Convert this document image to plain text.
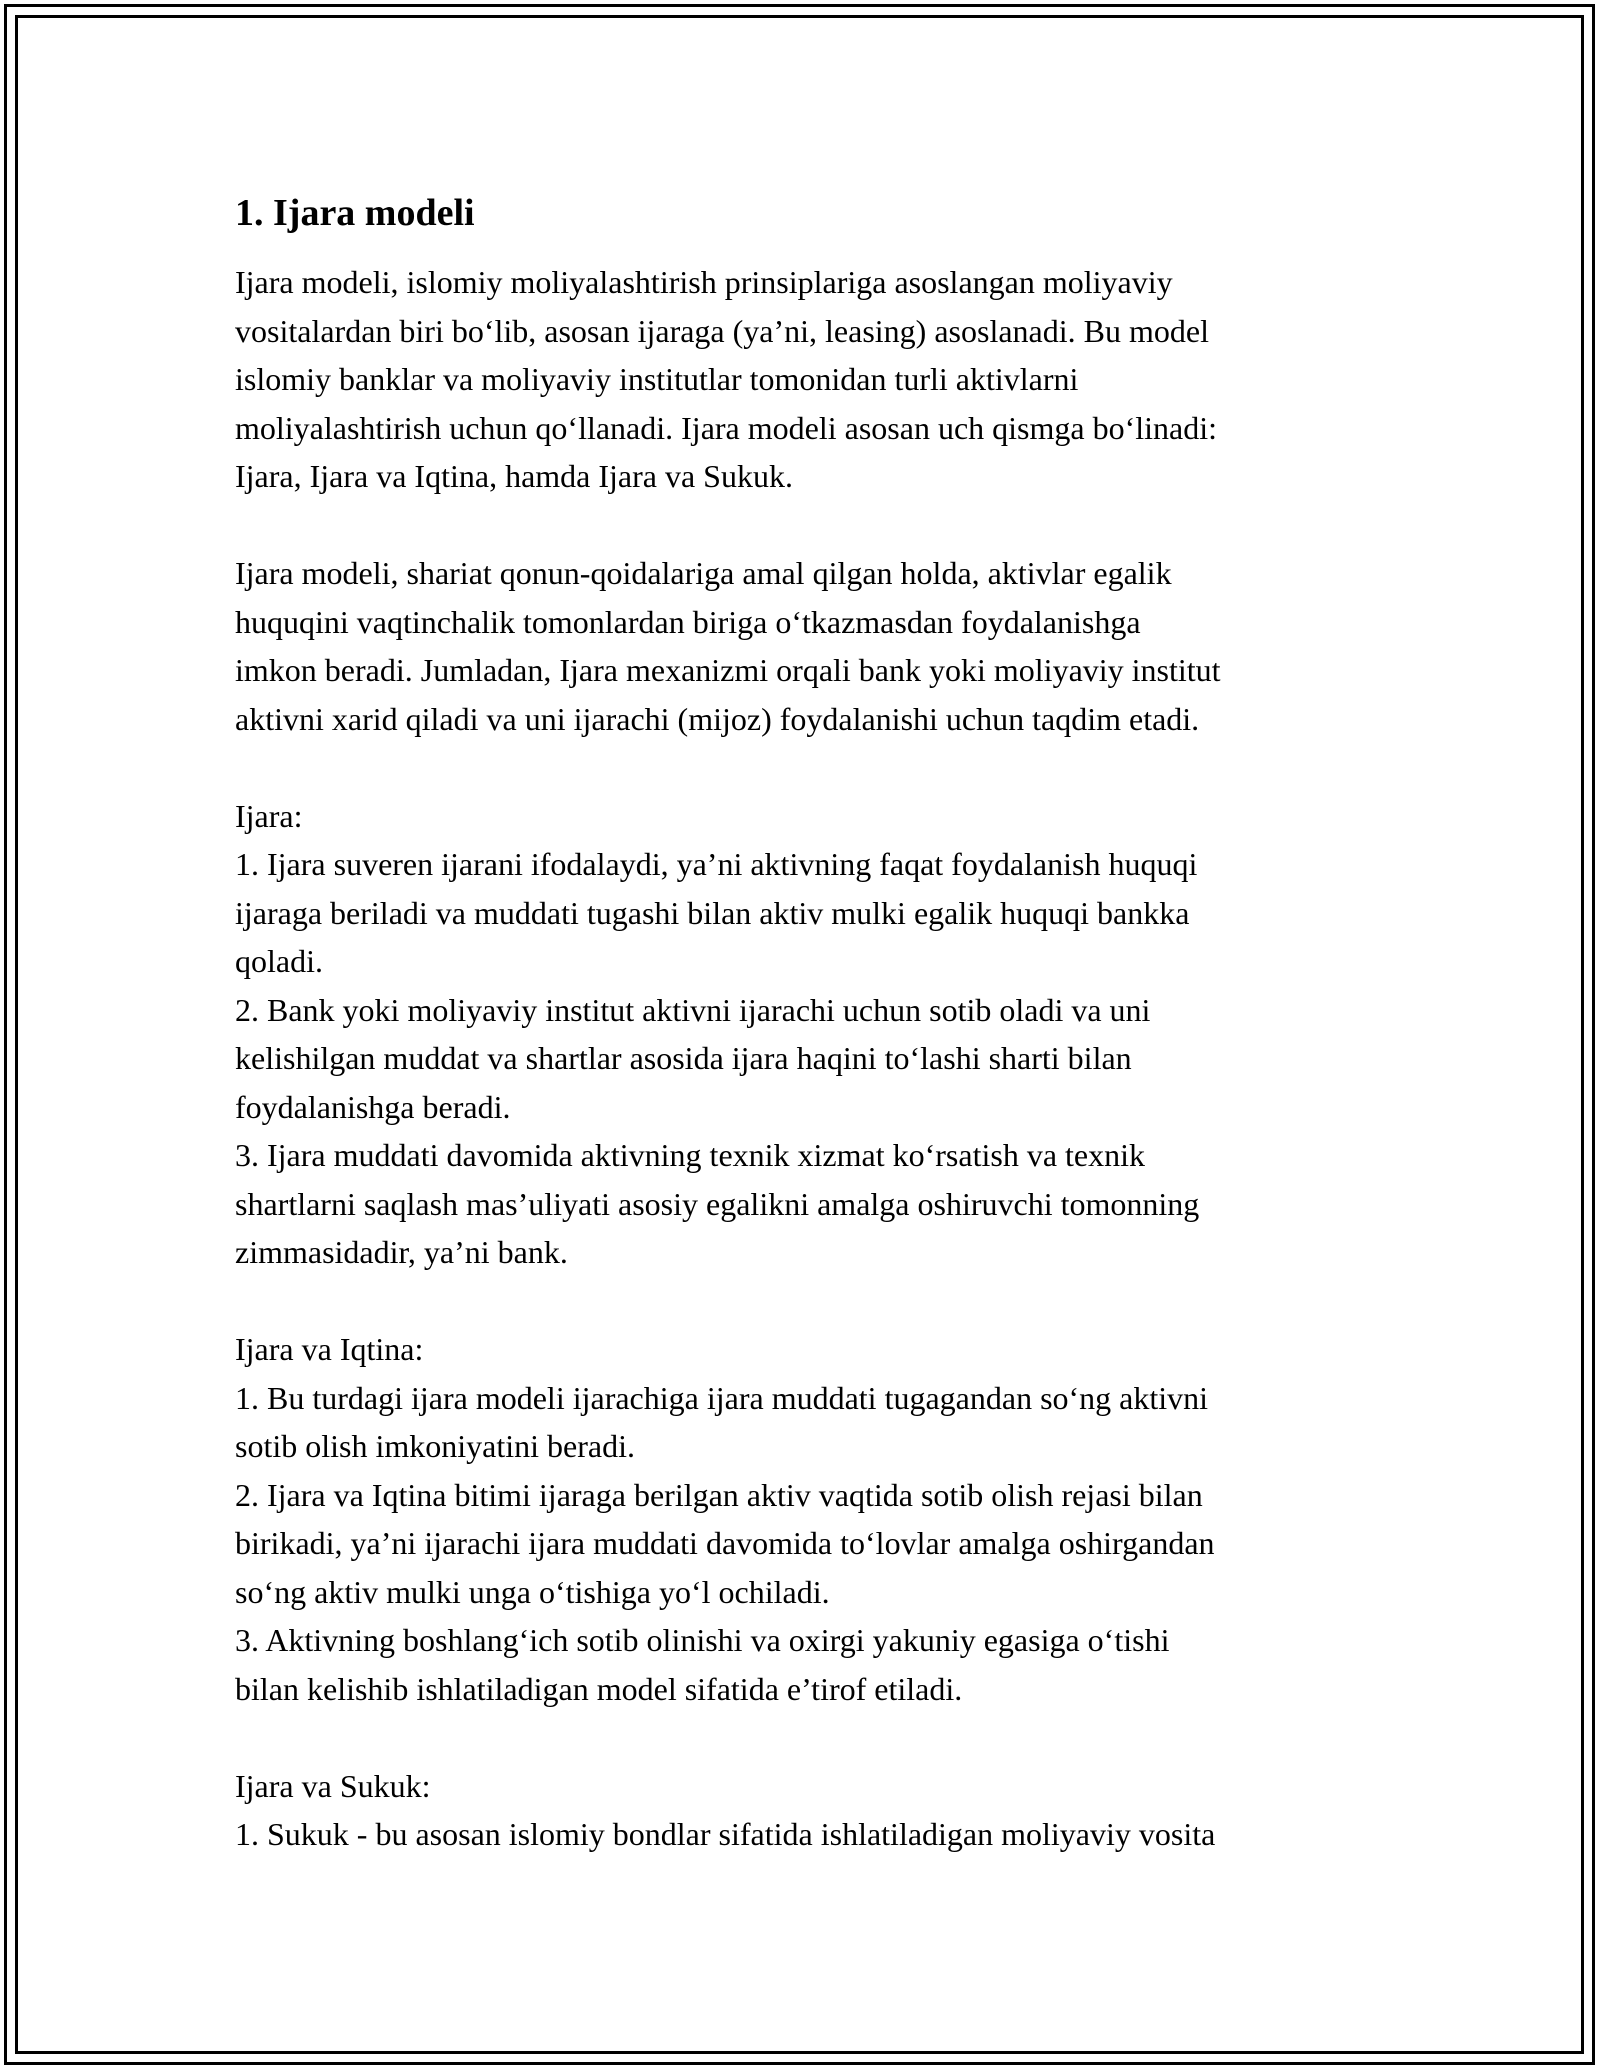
1. Ijara modeli
Ijara modeli, islomiy moliyalashtirish prinsiplariga asoslangan moliyaviy
vositalardan biri bo‘lib, asosan ijaraga (ya’ni, leasing) asoslanadi. Bu model
islomiy banklar va moliyaviy institutlar tomonidan turli aktivlarni
moliyalashtirish uchun qo‘llanadi. Ijara modeli asosan uch qismga bo‘linadi:
Ijara, Ijara va Iqtina, hamda Ijara va Sukuk.
Ijara modeli, shariat qonun-qoidalariga amal qilgan holda, aktivlar egalik
huquqini vaqtinchalik tomonlardan biriga o‘tkazmasdan foydalanishga
imkon beradi. Jumladan, Ijara mexanizmi orqali bank yoki moliyaviy institut
aktivni xarid qiladi va uni ijarachi (mijoz) foydalanishi uchun taqdim etadi.
Ijara:
1. Ijara suveren ijarani ifodalaydi, ya’ni aktivning faqat foydalanish huquqi
ijaraga beriladi va muddati tugashi bilan aktiv mulki egalik huquqi bankka
qoladi.
2. Bank yoki moliyaviy institut aktivni ijarachi uchun sotib oladi va uni
kelishilgan muddat va shartlar asosida ijara haqini to‘lashi sharti bilan
foydalanishga beradi.
3. Ijara muddati davomida aktivning texnik xizmat ko‘rsatish va texnik
shartlarni saqlash mas’uliyati asosiy egalikni amalga oshiruvchi tomonning
zimmasidadir, ya’ni bank.
Ijara va Iqtina:
1. Bu turdagi ijara modeli ijarachiga ijara muddati tugagandan so‘ng aktivni
sotib olish imkoniyatini beradi.
2. Ijara va Iqtina bitimi ijaraga berilgan aktiv vaqtida sotib olish rejasi bilan
birikadi, ya’ni ijarachi ijara muddati davomida to‘lovlar amalga oshirgandan
so‘ng aktiv mulki unga o‘tishiga yo‘l ochiladi.
3. Aktivning boshlang‘ich sotib olinishi va oxirgi yakuniy egasiga o‘tishi
bilan kelishib ishlatiladigan model sifatida e’tirof etiladi.
Ijara va Sukuk:
1. Sukuk - bu asosan islomiy bondlar sifatida ishlatiladigan moliyaviy vosita
